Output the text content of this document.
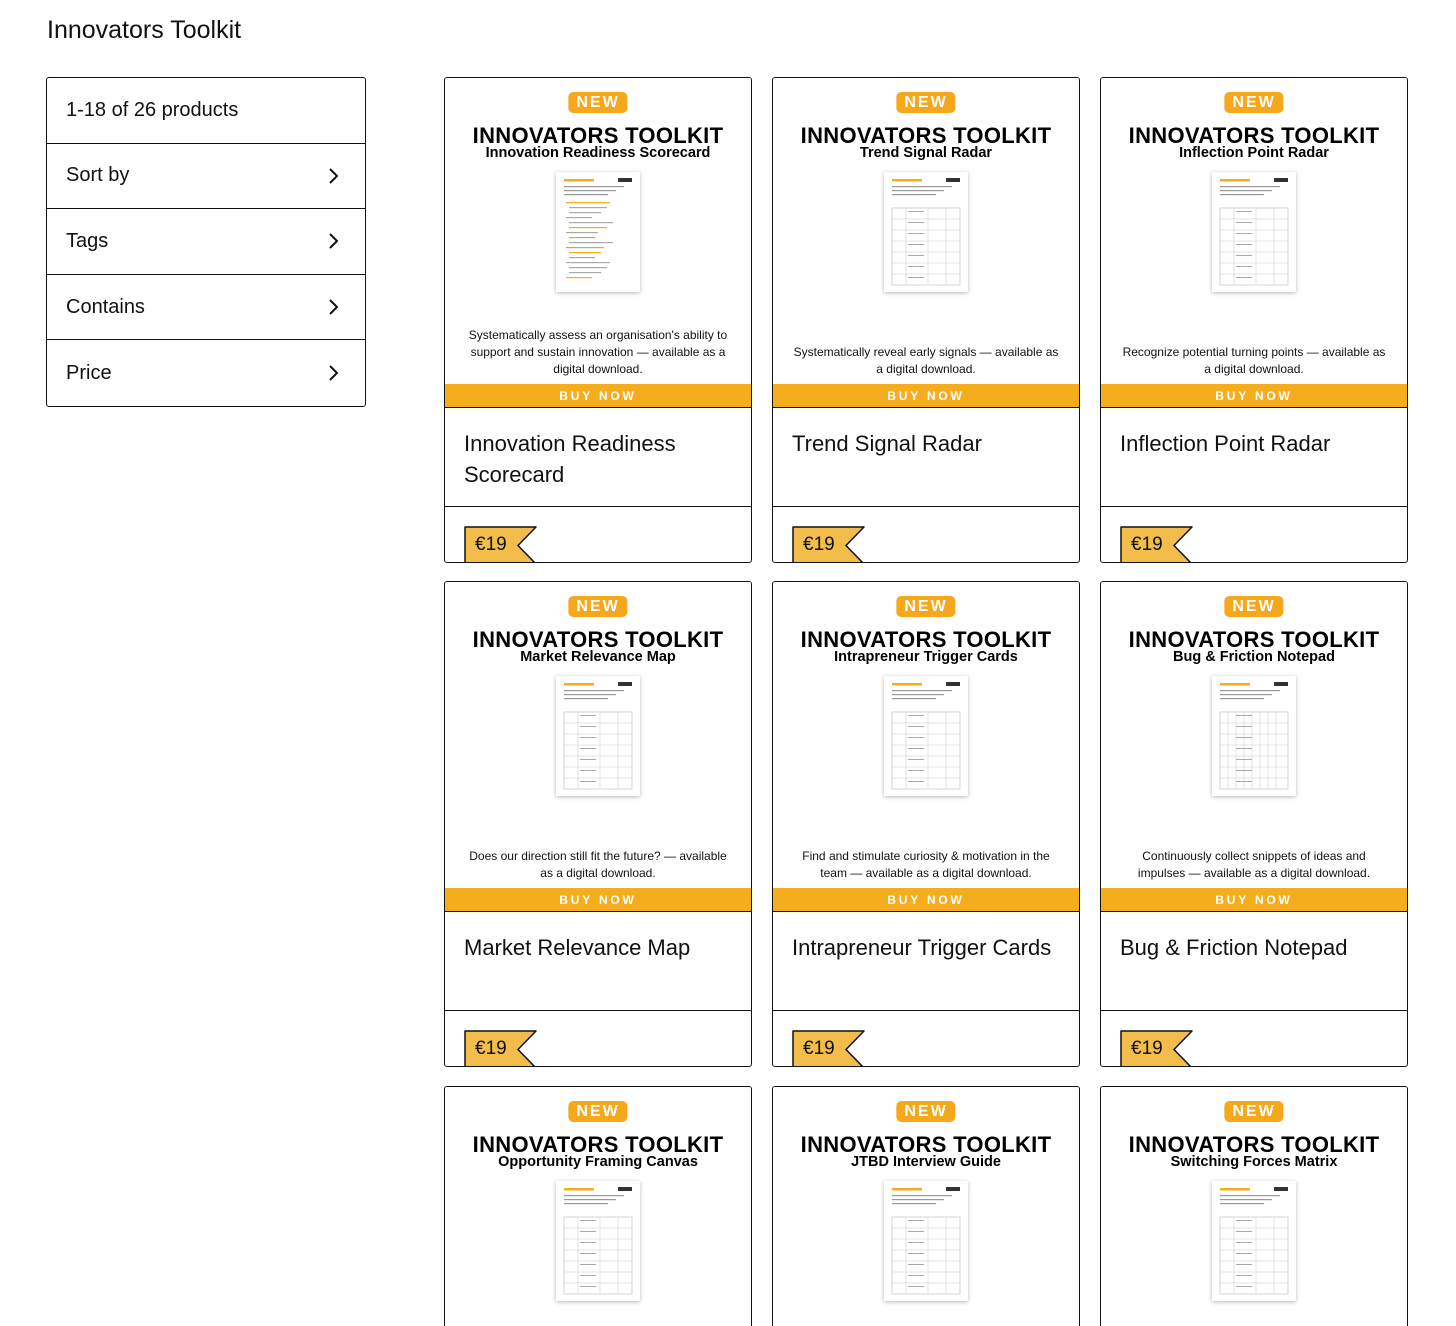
Innovators Toolkit
1-18 of 26 products
Sort by
Tags
Contains
Price
NEW
INNOVATORS TOOLKIT
Innovation Readiness Scorecard
Systematically assess an organisation's ability to support and sustain innovation — available as a digital download.
BUY NOW
Innovation Readiness Scorecard
€19
NEW
INNOVATORS TOOLKIT
Trend Signal Radar
Systematically reveal early signals — available as a digital download.
BUY NOW
Trend Signal Radar
€19
NEW
INNOVATORS TOOLKIT
Inflection Point Radar
Recognize potential turning points — available as a digital download.
BUY NOW
Inflection Point Radar
€19
NEW
INNOVATORS TOOLKIT
Market Relevance Map
Does our direction still fit the future? — available as a digital download.
BUY NOW
Market Relevance Map
€19
NEW
INNOVATORS TOOLKIT
Intrapreneur Trigger Cards
Find and stimulate curiosity & motivation in the team — available as a digital download.
BUY NOW
Intrapreneur Trigger Cards
€19
NEW
INNOVATORS TOOLKIT
Bug & Friction Notepad
Continuously collect snippets of ideas and impulses — available as a digital download.
BUY NOW
Bug & Friction Notepad
€19
NEW
INNOVATORS TOOLKIT
Opportunity Framing Canvas
NEW
INNOVATORS TOOLKIT
JTBD Interview Guide
NEW
INNOVATORS TOOLKIT
Switching Forces Matrix
